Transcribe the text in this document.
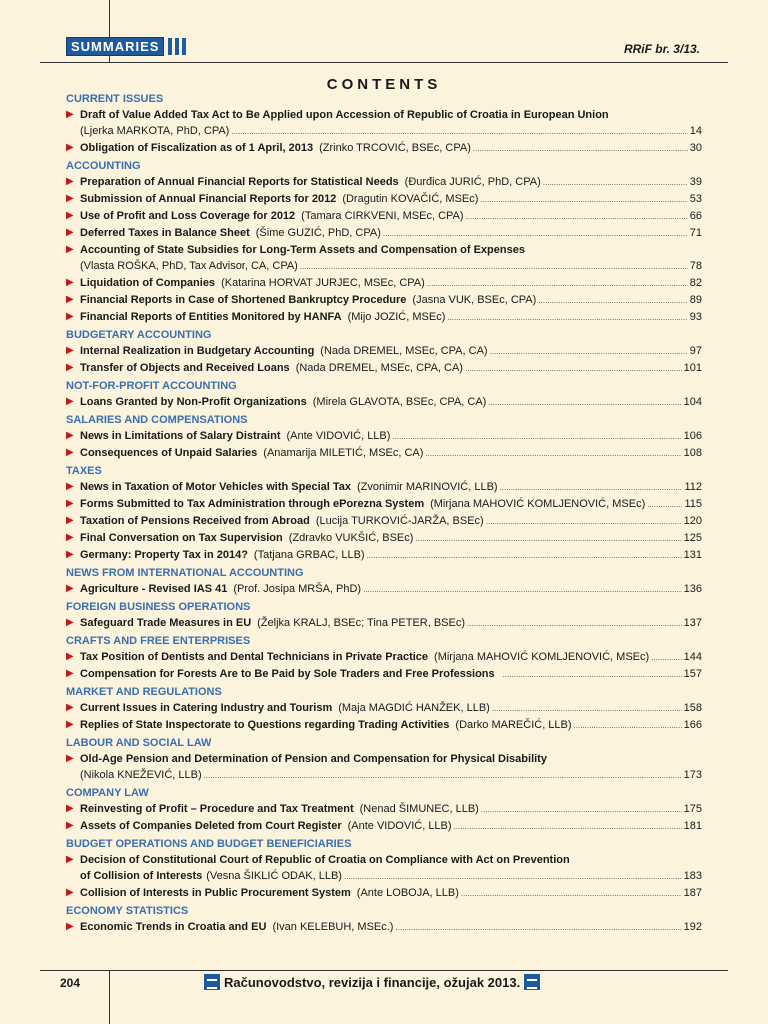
SUMMARIES	RRiF br. 3/13.
CONTENTS
CURRENT ISSUES
▶ Draft of Value Added Tax Act to Be Applied upon Accession of Republic of Croatia in European Union
(Ljerka MARKOTA, PhD, CPA) .....	14
▶ Obligation of Fiscalization as of 1 April, 2013 (Zrinko TRCOVIĆ, BSEc, CPA) .....	30
ACCOUNTING
▶ Preparation of Annual Financial Reports for Statistical Needs (Đurđica JURIĆ, PhD, CPA) .....	39
▶ Submission of Annual Financial Reports for 2012 (Dragutin KOVAČIĆ, MSEc) .....	53
▶ Use of Profit and Loss Coverage for 2012 (Tamara CIRKVENI, MSEc, CPA) .....	66
▶ Deferred Taxes in Balance Sheet (Šime GUZIĆ, PhD, CPA) .....	71
▶ Accounting of State Subsidies for Long-Term Assets and Compensation of Expenses
(Vlasta ROŠKA, PhD, Tax Advisor, CA, CPA) .....	78
▶ Liquidation of Companies (Katarina HORVAT JURJEC, MSEc, CPA) .....	82
▶ Financial Reports in Case of Shortened Bankruptcy Procedure (Jasna VUK, BSEc, CPA) .....	89
▶ Financial Reports of Entities Monitored by HANFA (Mijo JOZIĆ, MSEc) .....	93
BUDGETARY ACCOUNTING
▶ Internal Realization in Budgetary Accounting (Nada DREMEL, MSEc, CPA, CA) .....	97
▶ Transfer of Objects and Received Loans (Nada DREMEL, MSEc, CPA, CA) .....	101
NOT-FOR-PROFIT ACCOUNTING
▶ Loans Granted by Non-Profit Organizations (Mirela GLAVOTA, BSEc, CPA, CA) .....	104
SALARIES AND COMPENSATIONS
▶ News in Limitations of Salary Distraint (Ante VIDOVIĆ, LLB) .....	106
▶ Consequences of Unpaid Salaries (Anamarija MILETIĆ, MSEc, CA) .....	108
TAXES
▶ News in Taxation of Motor Vehicles with Special Tax (Zvonimir MARINOVIĆ, LLB) .....	112
▶ Forms Submitted to Tax Administration through ePorezna System (Mirjana MAHOVIĆ KOMLJENOVIĆ, MSEc) .....	115
▶ Taxation of Pensions Received from Abroad (Lucija TURKOVIĆ-JARŽA, BSEc) .....	120
▶ Final Conversation on Tax Supervision (Zdravko VUKŠIĆ, BSEc) .....	125
▶ Germany: Property Tax in 2014? (Tatjana GRBAC, LLB) .....	131
NEWS FROM INTERNATIONAL ACCOUNTING
▶ Agriculture - Revised IAS 41 (Prof. Josipa MRŠA, PhD) .....	136
FOREIGN BUSINESS OPERATIONS
▶ Safeguard Trade Measures in EU (Željka KRALJ, BSEc; Tina PETER, BSEc) .....	137
CRAFTS AND FREE ENTERPRISES
▶ Tax Position of Dentists and Dental Technicians in Private Practice (Mirjana MAHOVIĆ KOMLJENOVIĆ, MSEc) .....	144
▶ Compensation for Forests Are to Be Paid by Sole Traders and Free Professions .....	157
MARKET AND REGULATIONS
▶ Current Issues in Catering Industry and Tourism (Maja MAGDIĆ HANŽEK, LLB) .....	158
▶ Replies of State Inspectorate to Questions regarding Trading Activities (Darko MAREČIĆ, LLB) .....	166
LABOUR AND SOCIAL LAW
▶ Old-Age Pension and Determination of Pension and Compensation for Physical Disability
(Nikola KNEŽEVIĆ, LLB) .....	173
COMPANY LAW
▶ Reinvesting of Profit – Procedure and Tax Treatment (Nenad ŠIMUNEC, LLB) .....	175
▶ Assets of Companies Deleted from Court Register (Ante VIDOVIĆ, LLB) .....	181
BUDGET OPERATIONS AND BUDGET BENEFICIARIES
▶ Decision of Constitutional Court of Republic of Croatia on Compliance with Act on Prevention
of Collision of Interests (Vesna ŠIKLIĆ ODAK, LLB) .....	183
▶ Collision of Interests in Public Procurement System (Ante LOBOJA, LLB) .....	187
ECONOMY STATISTICS
▶ Economic Trends in Croatia and EU (Ivan KELEBUH, MSEc.) .....	192
204	Računovodstvo, revizija i financije, ožujak 2013.
